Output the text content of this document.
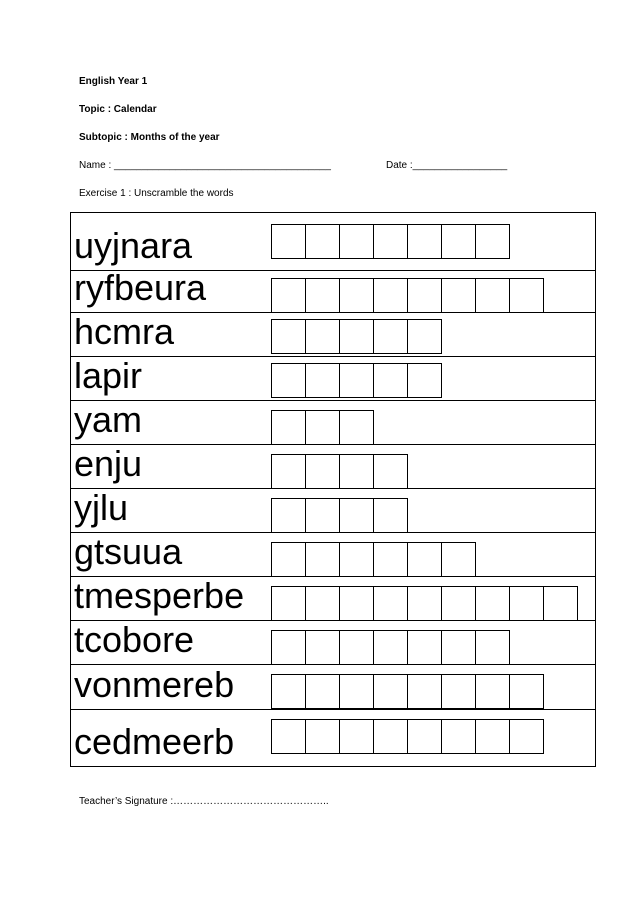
English Year 1
Topic : Calendar
Subtopic : Months of the year
Name : _______________________________________	Date :_________________
Exercise 1 : Unscramble the words
uyjnara
ryfbeura
hcmra
lapir
yam
enju
yjlu
gtsuua
tmesperbe
tcobore
vonmereb
cedmeerb
Teacher’s Signature :………………………………………..
